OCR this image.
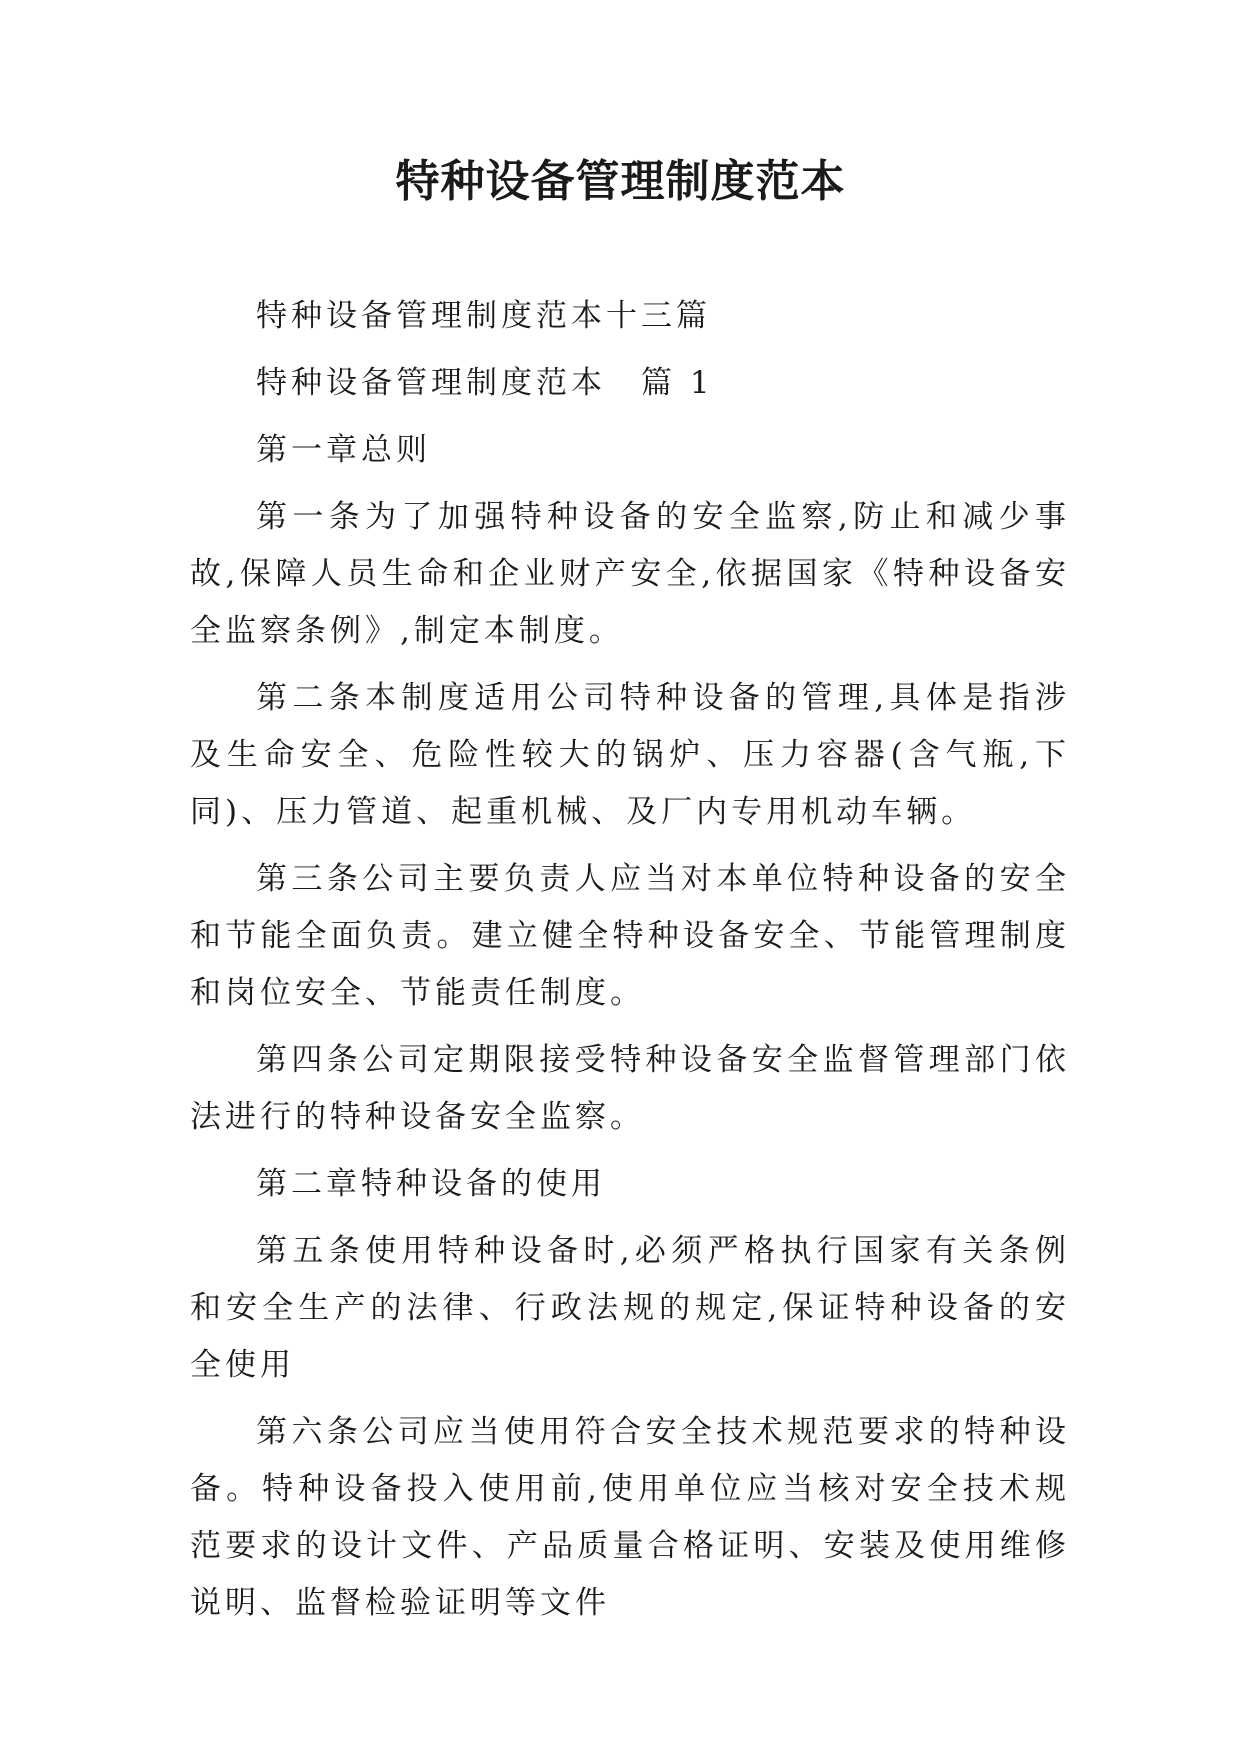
特种设备管理制度范本

特种设备管理制度范本十三篇

特种设备管理制度范本　篇 1

第一章总则

第一条为了加强特种设备的安全监察,防止和减少事故,保障人员生命和企业财产安全,依据国家《特种设备安全监察条例》,制定本制度。

第二条本制度适用公司特种设备的管理,具体是指涉及生命安全、危险性较大的锅炉、压力容器(含气瓶,下同)、压力管道、起重机械、及厂内专用机动车辆。

第三条公司主要负责人应当对本单位特种设备的安全和节能全面负责。建立健全特种设备安全、节能管理制度和岗位安全、节能责任制度。

第四条公司定期限接受特种设备安全监督管理部门依法进行的特种设备安全监察。

第二章特种设备的使用

第五条使用特种设备时,必须严格执行国家有关条例和安全生产的法律、行政法规的规定,保证特种设备的安全使用

第六条公司应当使用符合安全技术规范要求的特种设备。特种设备投入使用前,使用单位应当核对安全技术规范要求的设计文件、产品质量合格证明、安装及使用维修说明、监督检验证明等文件
